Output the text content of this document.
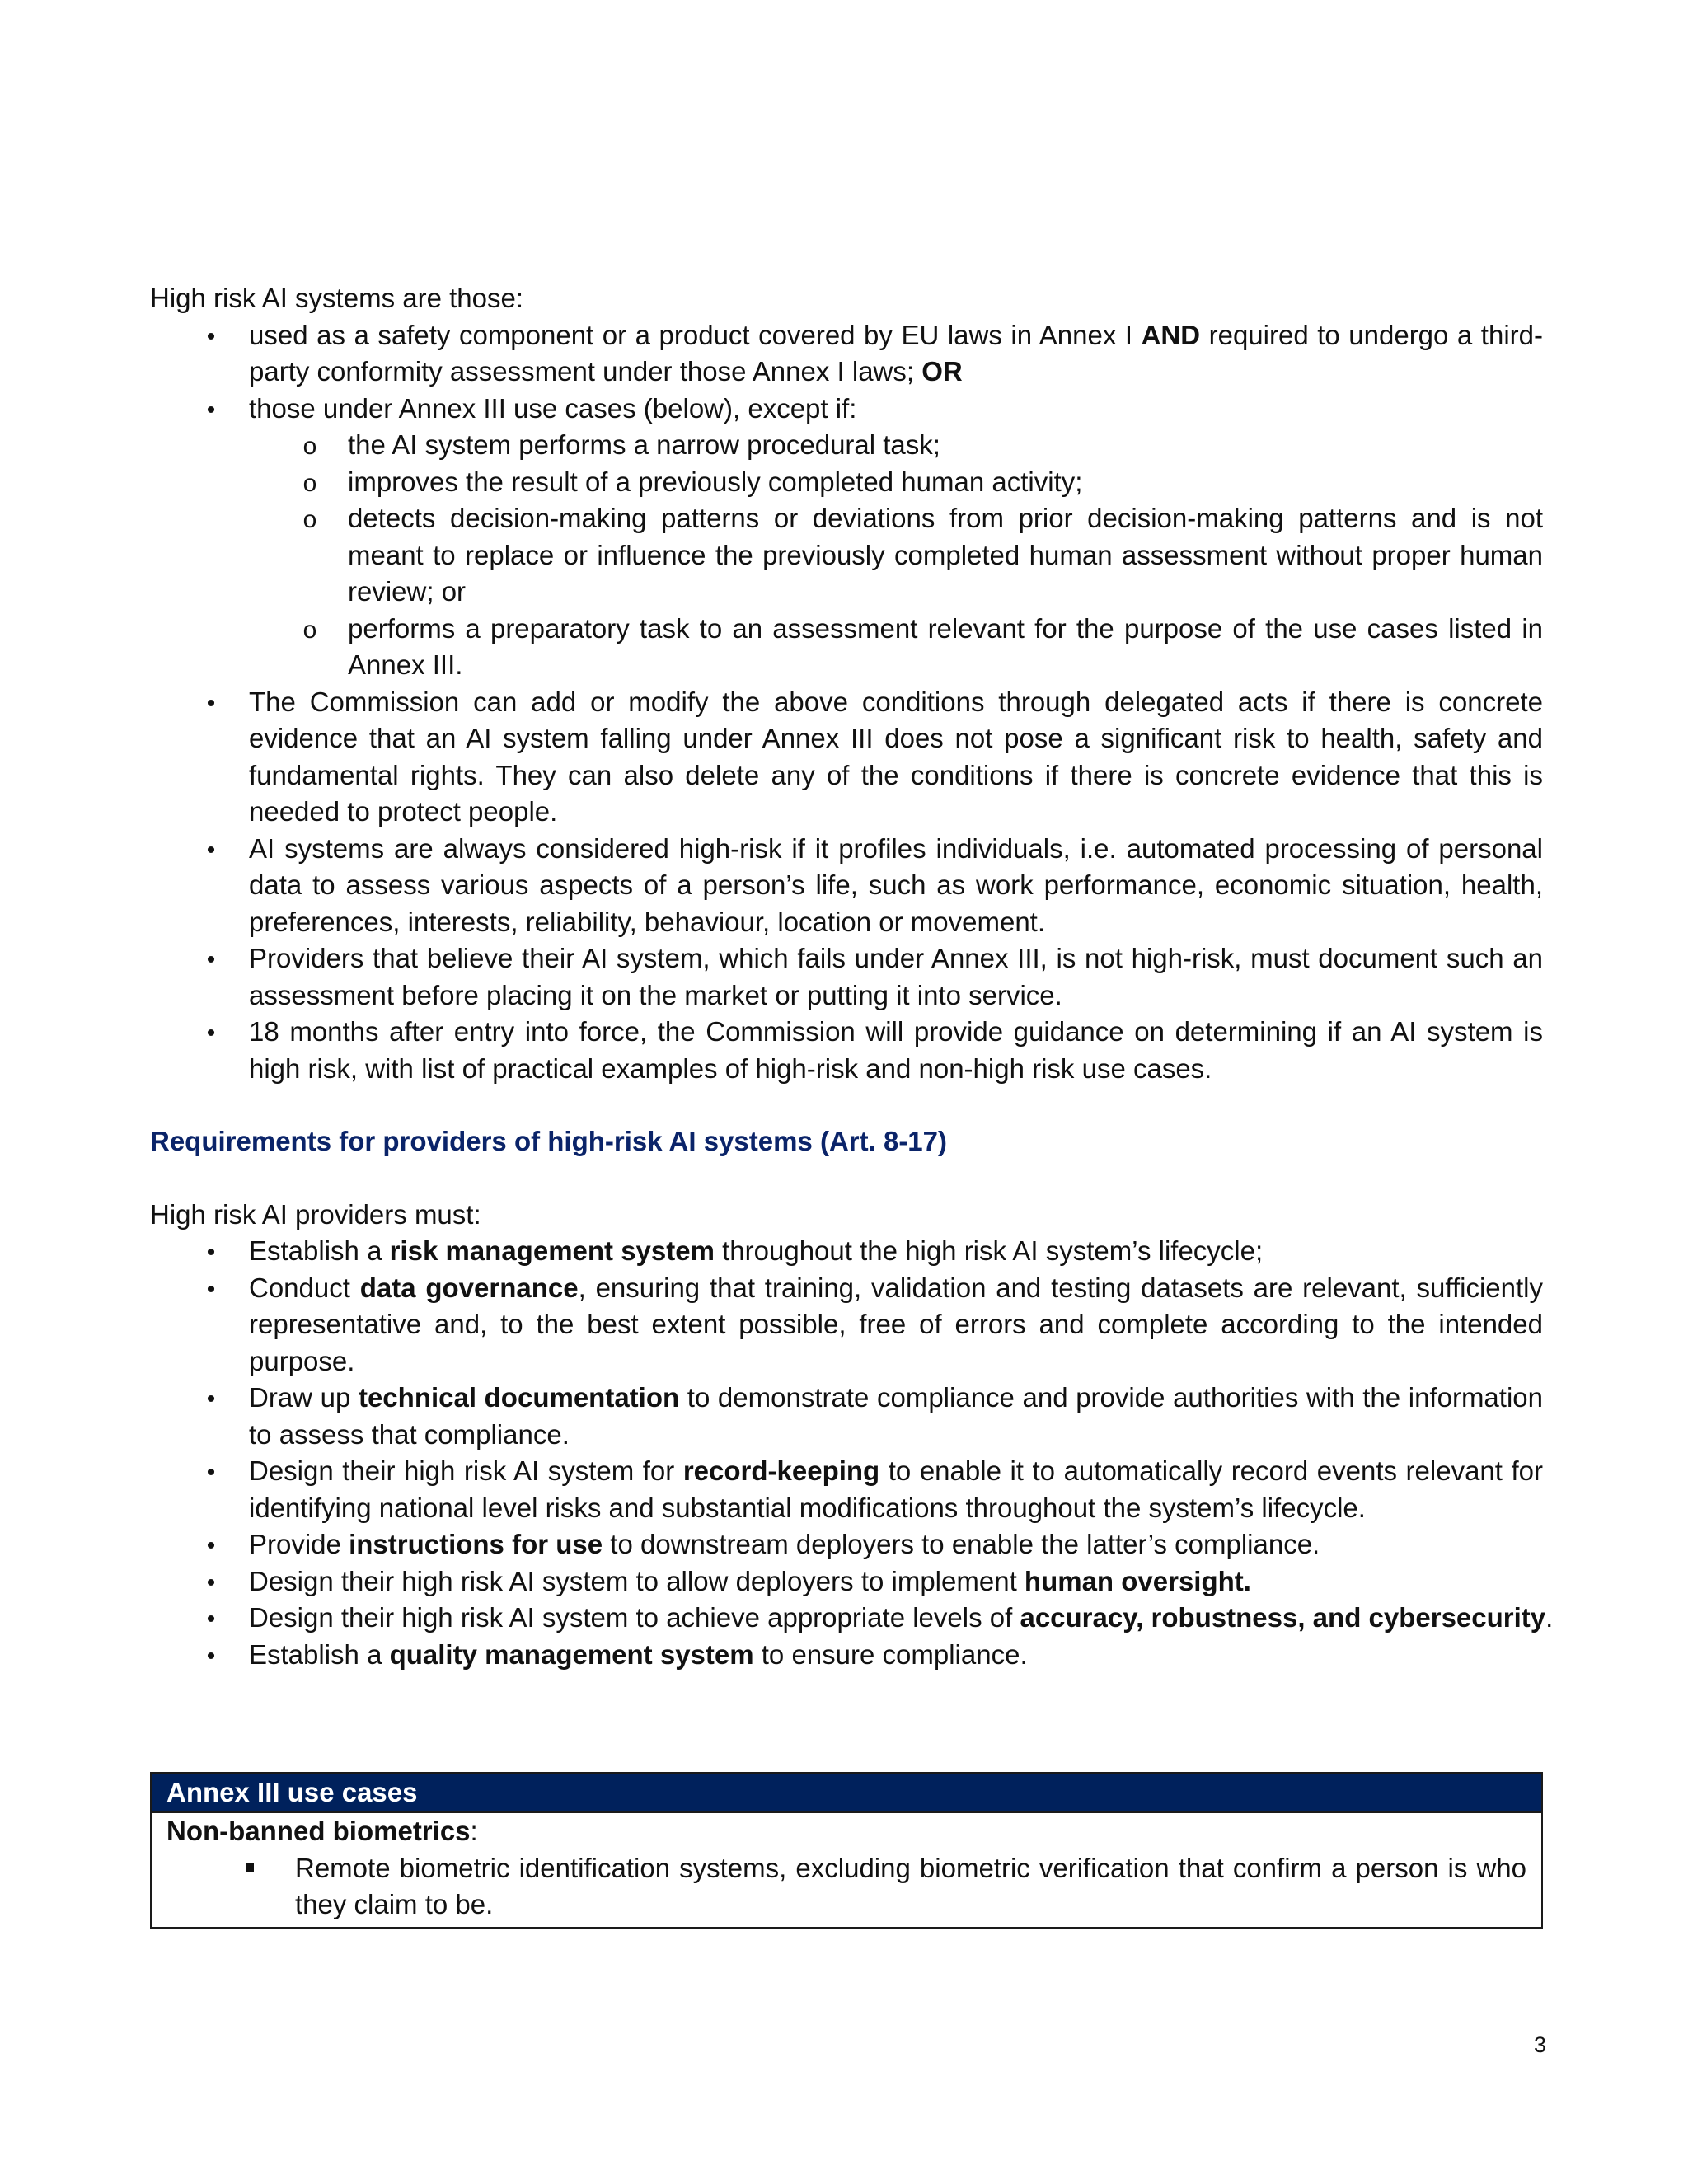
High risk AI systems are those:

•
used as a safety component or a product covered by EU laws in Annex I AND required to undergo a third-party conformity assessment under those Annex I laws; OR
•
those under Annex III use cases (below), except if:
o
the AI system performs a narrow procedural task;
o
improves the result of a previously completed human activity;
o
detects decision-making patterns or deviations from prior decision-making patterns and is not meant to replace or influence the previously completed human assessment without proper human review; or
o
performs a preparatory task to an assessment relevant for the purpose of the use cases listed in Annex III.
•
The Commission can add or modify the above conditions through delegated acts if there is concrete evidence that an AI system falling under Annex III does not pose a significant risk to health, safety and fundamental rights. They can also delete any of the conditions if there is concrete evidence that this is needed to protect people.
•
AI systems are always considered high-risk if it profiles individuals, i.e. automated processing of personal data to assess various aspects of a person’s life, such as work performance, economic situation, health, preferences, interests, reliability, behaviour, location or movement.
•
Providers that believe their AI system, which fails under Annex III, is not high-risk, must document such an assessment before placing it on the market or putting it into service.
•
18 months after entry into force, the Commission will provide guidance on determining if an AI system is high risk, with list of practical examples of high-risk and non-high risk use cases.

Requirements for providers of high-risk AI systems (Art. 8-17)

High risk AI providers must:

•
Establish a risk management system throughout the high risk AI system’s lifecycle;
•
Conduct data governance, ensuring that training, validation and testing datasets are relevant, sufficiently representative and, to the best extent possible, free of errors and complete according to the intended purpose.
•
Draw up technical documentation to demonstrate compliance and provide authorities with the information to assess that compliance.
•
Design their high risk AI system for record-keeping to enable it to automatically record events relevant for identifying national level risks and substantial modifications throughout the system’s lifecycle.
•
Provide instructions for use to downstream deployers to enable the latter’s compliance.
•
Design their high risk AI system to allow deployers to implement human oversight.
•
Design their high risk AI system to achieve appropriate levels of accuracy, robustness, and cybersecurity.
•
Establish a quality management system to ensure compliance.
Annex III use cases

Non-banned biometrics:

Remote biometric identification systems, excluding biometric verification that confirm a person is who they claim to be.
3
